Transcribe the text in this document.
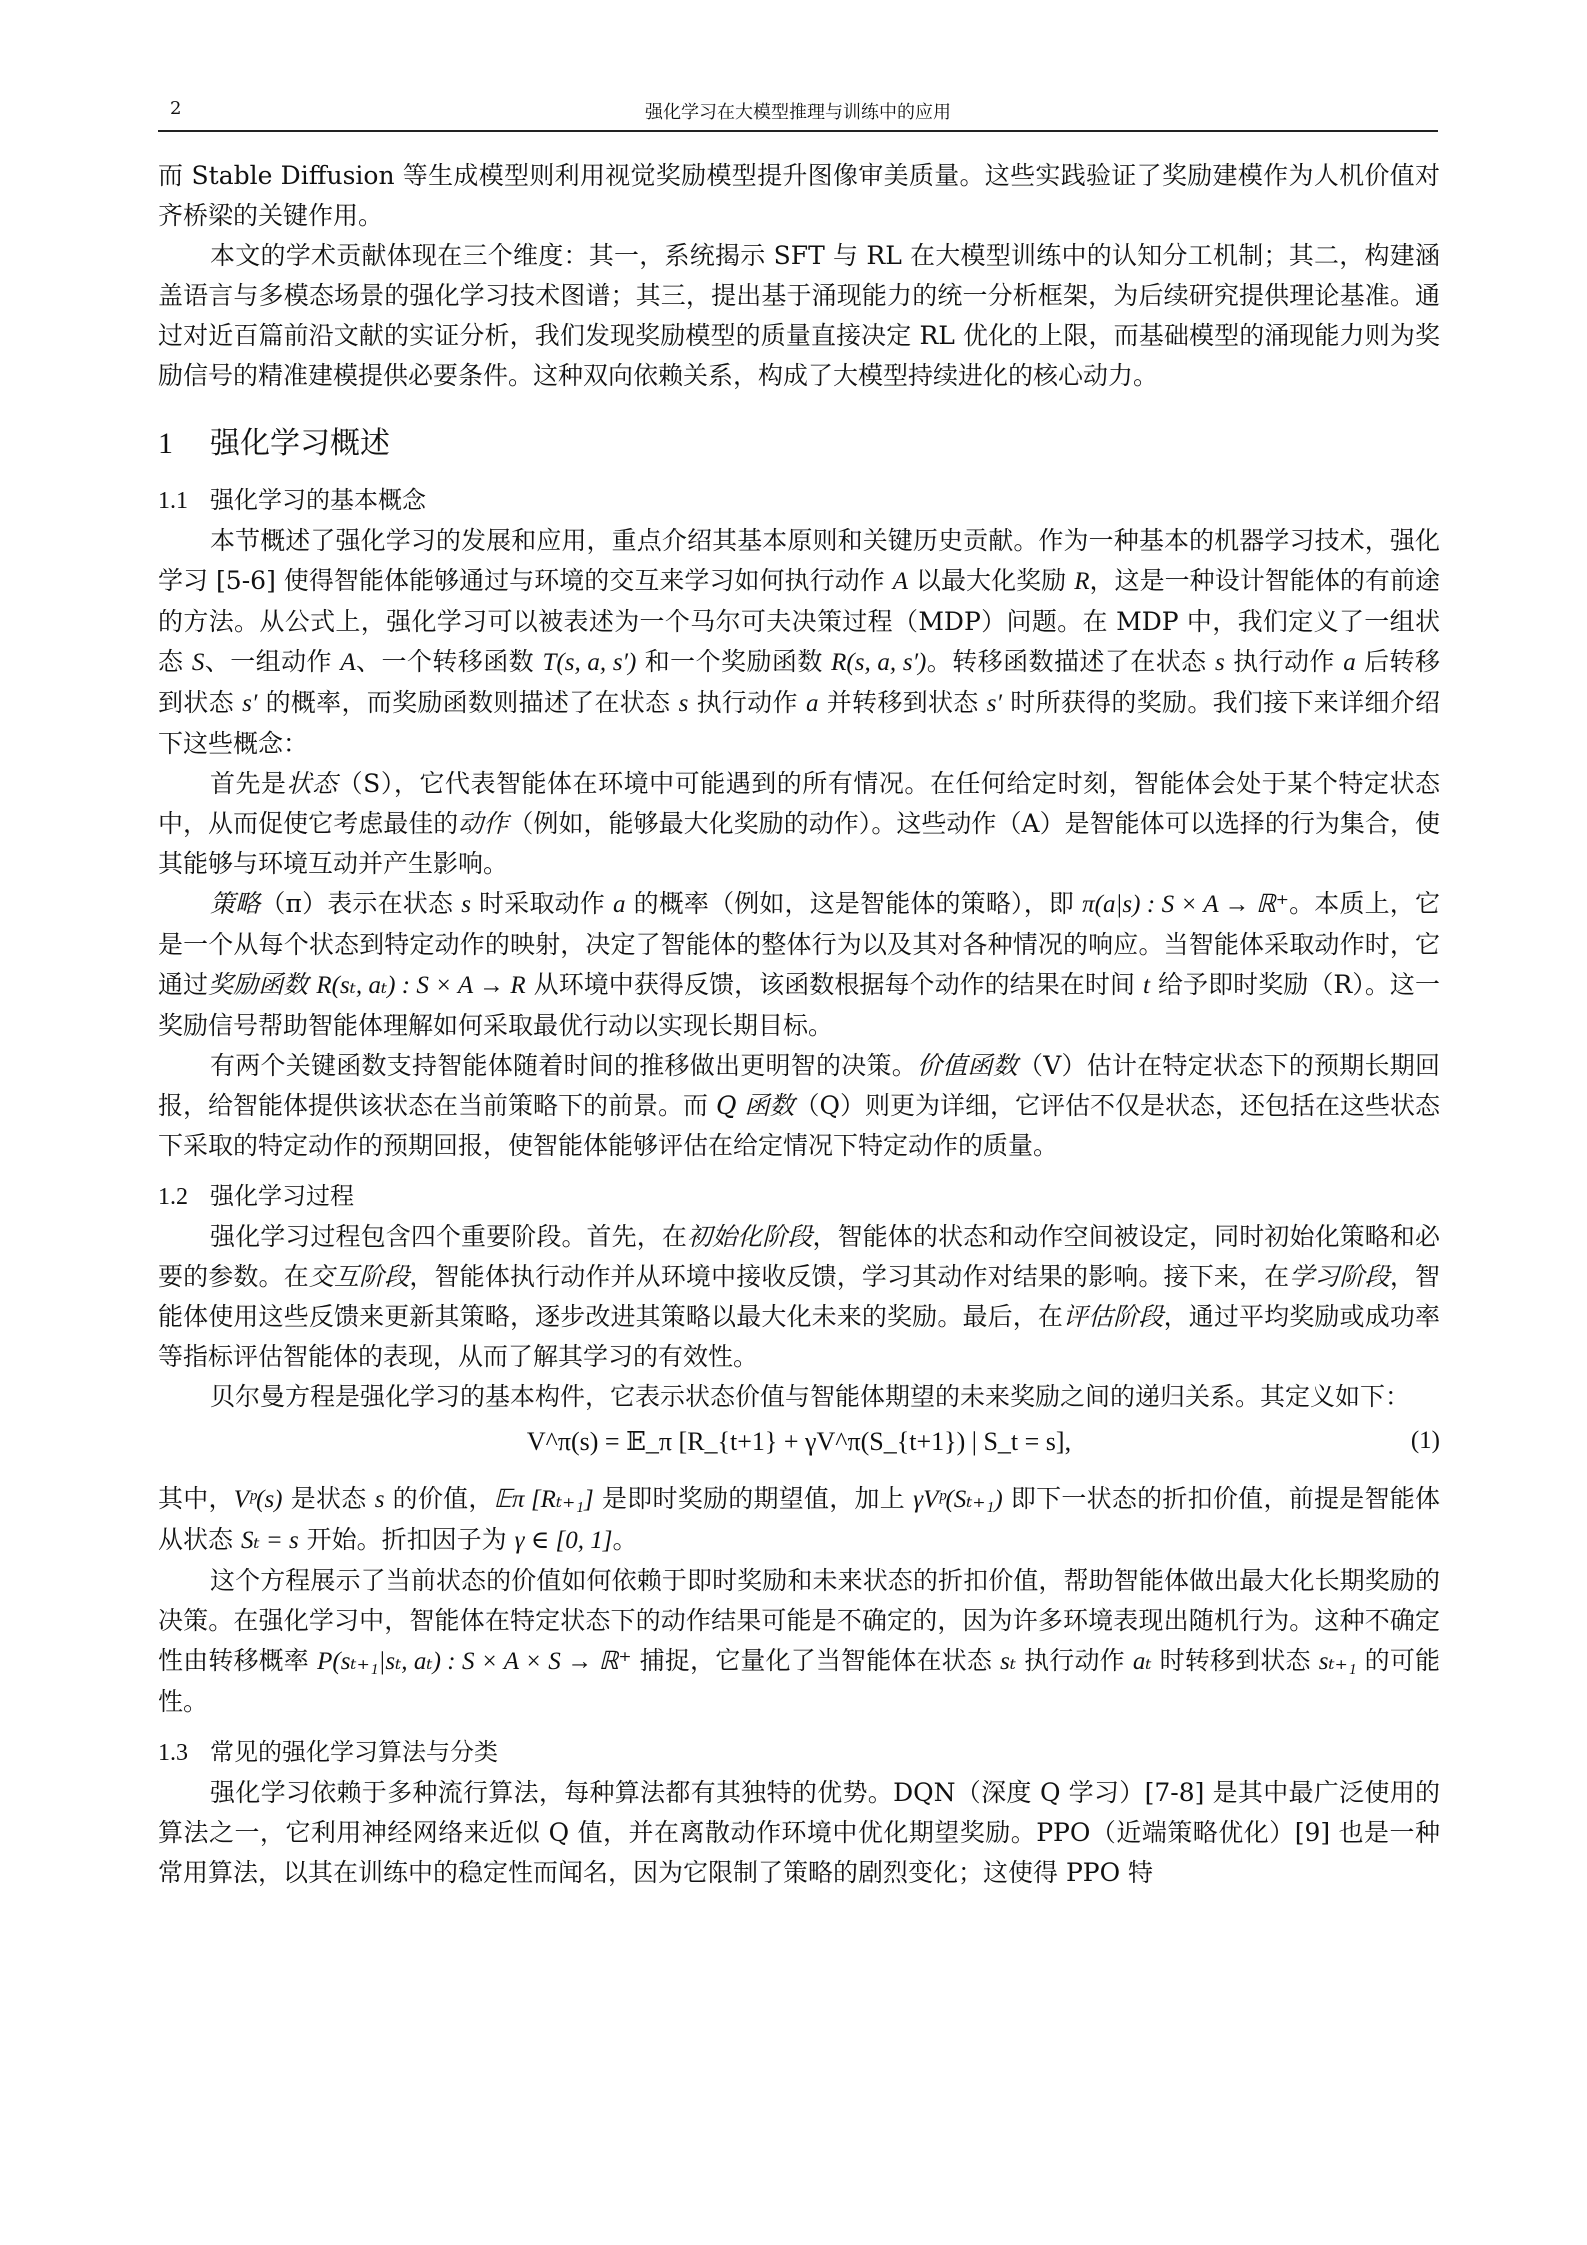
2	强化学习在大模型推理与训练中的应用

而 Stable Diffusion 等生成模型则利用视觉奖励模型提升图像审美质量。这些实践验证了奖励建模作为人机价值对齐桥梁的关键作用。

本文的学术贡献体现在三个维度：其一，系统揭示 SFT 与 RL 在大模型训练中的认知分工机制；其二，构建涵盖语言与多模态场景的强化学习技术图谱；其三，提出基于涌现能力的统一分析框架，为后续研究提供理论基准。通过对近百篇前沿文献的实证分析，我们发现奖励模型的质量直接决定 RL 优化的上限，而基础模型的涌现能力则为奖励信号的精准建模提供必要条件。这种双向依赖关系，构成了大模型持续进化的核心动力。

1 强化学习概述
1.1 强化学习的基本概念

本节概述了强化学习的发展和应用，重点介绍其基本原则和关键历史贡献。作为一种基本的机器学习技术，强化学习 [5-6] 使得智能体能够通过与环境的交互来学习如何执行动作 A 以最大化奖励 R，这是一种设计智能体的有前途的方法。从公式上，强化学习可以被表述为一个马尔可夫决策过程（MDP）问题。在 MDP 中，我们定义了一组状态 S、一组动作 A、一个转移函数 T(s, a, s′) 和一个奖励函数 R(s, a, s′)。转移函数描述了在状态 s 执行动作 a 后转移到状态 s′ 的概率，而奖励函数则描述了在状态 s 执行动作 a 并转移到状态 s′ 时所获得的奖励。我们接下来详细介绍下这些概念：

首先是状态（S），它代表智能体在环境中可能遇到的所有情况。在任何给定时刻，智能体会处于某个特定状态中，从而促使它考虑最佳的动作（例如，能够最大化奖励的动作）。这些动作（A）是智能体可以选择的行为集合，使其能够与环境互动并产生影响。

策略（π）表示在状态 s 时采取动作 a 的概率（例如，这是智能体的策略），即 π(a|s) : S × A → ℝ⁺。本质上，它是一个从每个状态到特定动作的映射，决定了智能体的整体行为以及其对各种情况的响应。当智能体采取动作时，它通过奖励函数 R(sₜ, aₜ) : S × A → R 从环境中获得反馈，该函数根据每个动作的结果在时间 t 给予即时奖励（R）。这一奖励信号帮助智能体理解如何采取最优行动以实现长期目标。

有两个关键函数支持智能体随着时间的推移做出更明智的决策。价值函数（V）估计在特定状态下的预期长期回报，给智能体提供该状态在当前策略下的前景。而 Q 函数（Q）则更为详细，它评估不仅是状态，还包括在这些状态下采取的特定动作的预期回报，使智能体能够评估在给定情况下特定动作的质量。

1.2 强化学习过程

强化学习过程包含四个重要阶段。首先，在初始化阶段，智能体的状态和动作空间被设定，同时初始化策略和必要的参数。在交互阶段，智能体执行动作并从环境中接收反馈，学习其动作对结果的影响。接下来，在学习阶段，智能体使用这些反馈来更新其策略，逐步改进其策略以最大化未来的奖励。最后，在评估阶段，通过平均奖励或成功率等指标评估智能体的表现，从而了解其学习的有效性。

贝尔曼方程是强化学习的基本构件，它表示状态价值与智能体期望的未来奖励之间的递归关系。其定义如下：

V^π(s) = 𝔼_π [R_{t+1} + γV^π(S_{t+1}) | S_t = s],	(1)

其中，Vᵖ(s) 是状态 s 的价值，𝔼π [Rₜ₊₁] 是即时奖励的期望值，加上 γVᵖ(Sₜ₊₁) 即下一状态的折扣价值，前提是智能体从状态 Sₜ = s 开始。折扣因子为 γ ∈ [0, 1]。

这个方程展示了当前状态的价值如何依赖于即时奖励和未来状态的折扣价值，帮助智能体做出最大化长期奖励的决策。在强化学习中，智能体在特定状态下的动作结果可能是不确定的，因为许多环境表现出随机行为。这种不确定性由转移概率 P(sₜ₊₁|sₜ, aₜ) : S × A × S → ℝ⁺ 捕捉，它量化了当智能体在状态 sₜ 执行动作 aₜ 时转移到状态 sₜ₊₁ 的可能性。

1.3 常见的强化学习算法与分类

强化学习依赖于多种流行算法，每种算法都有其独特的优势。DQN（深度 Q 学习）[7-8] 是其中最广泛使用的算法之一，它利用神经网络来近似 Q 值，并在离散动作环境中优化期望奖励。PPO（近端策略优化）[9] 也是一种常用算法，以其在训练中的稳定性而闻名，因为它限制了策略的剧烈变化；这使得 PPO 特
